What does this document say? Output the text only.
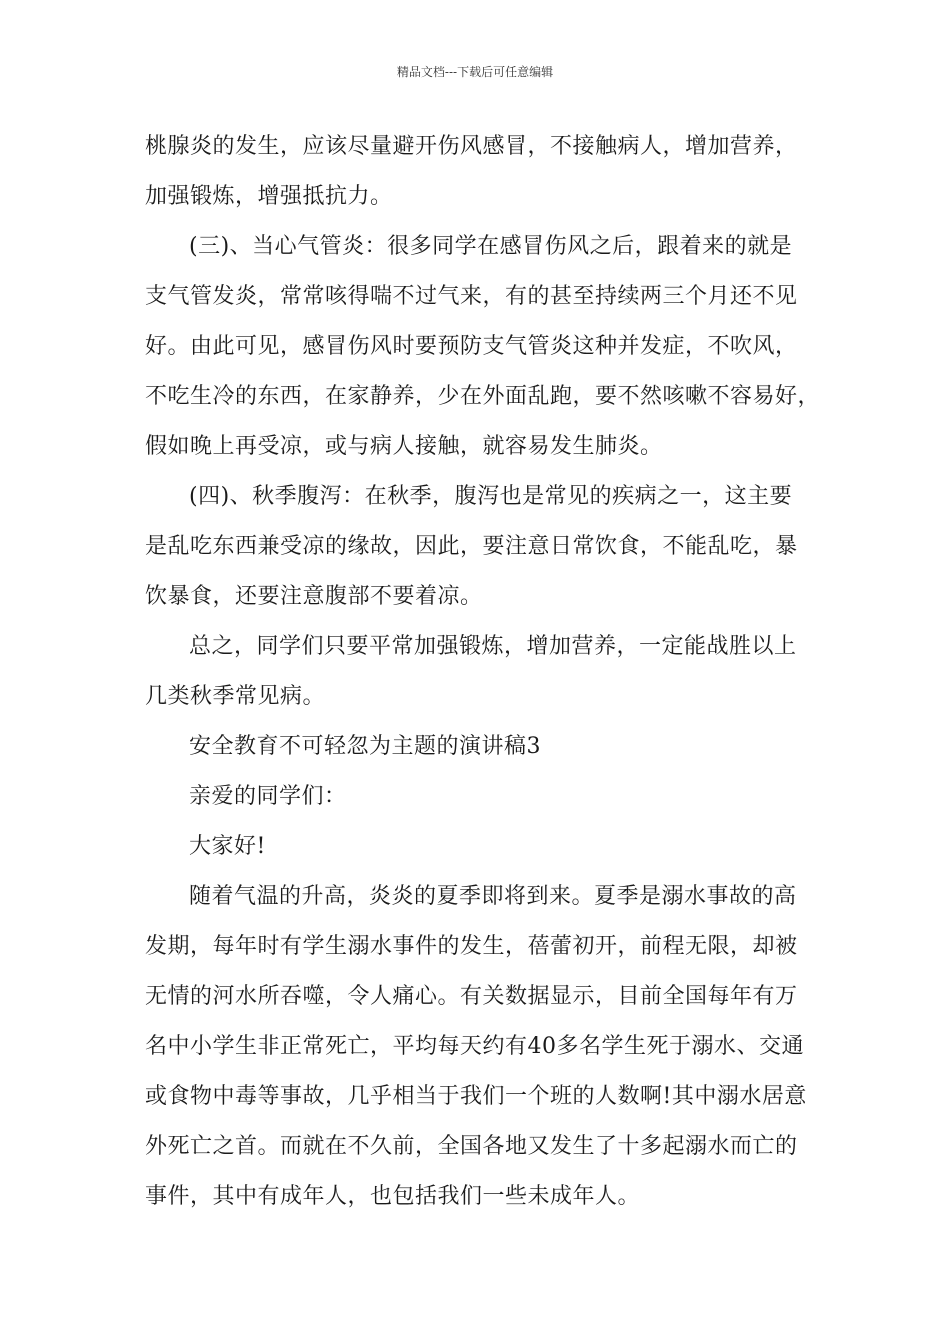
精品文档---下载后可任意编辑
桃腺炎的发生，应该尽量避开伤风感冒，不接触病人，增加营养，
加强锻炼，增强抵抗力。
(三)、当心气管炎：很多同学在感冒伤风之后，跟着来的就是
支气管发炎，常常咳得喘不过气来，有的甚至持续两三个月还不见
好。由此可见，感冒伤风时要预防支气管炎这种并发症，不吹风，
不吃生冷的东西，在家静养，少在外面乱跑，要不然咳嗽不容易好，
假如晚上再受凉，或与病人接触，就容易发生肺炎。
(四)、秋季腹泻：在秋季，腹泻也是常见的疾病之一，这主要
是乱吃东西兼受凉的缘故，因此，要注意日常饮食，不能乱吃，暴
饮暴食，还要注意腹部不要着凉。
总之，同学们只要平常加强锻炼，增加营养，一定能战胜以上
几类秋季常见病。
安全教育不可轻忽为主题的演讲稿3
亲爱的同学们：
大家好!
随着气温的升高，炎炎的夏季即将到来。夏季是溺水事故的高
发期，每年时有学生溺水事件的发生，蓓蕾初开，前程无限，却被
无情的河水所吞噬，令人痛心。有关数据显示，目前全国每年有万
名中小学生非正常死亡，平均每天约有40多名学生死于溺水、交通
或食物中毒等事故，几乎相当于我们一个班的人数啊!其中溺水居意
外死亡之首。而就在不久前，全国各地又发生了十多起溺水而亡的
事件，其中有成年人，也包括我们一些未成年人。
